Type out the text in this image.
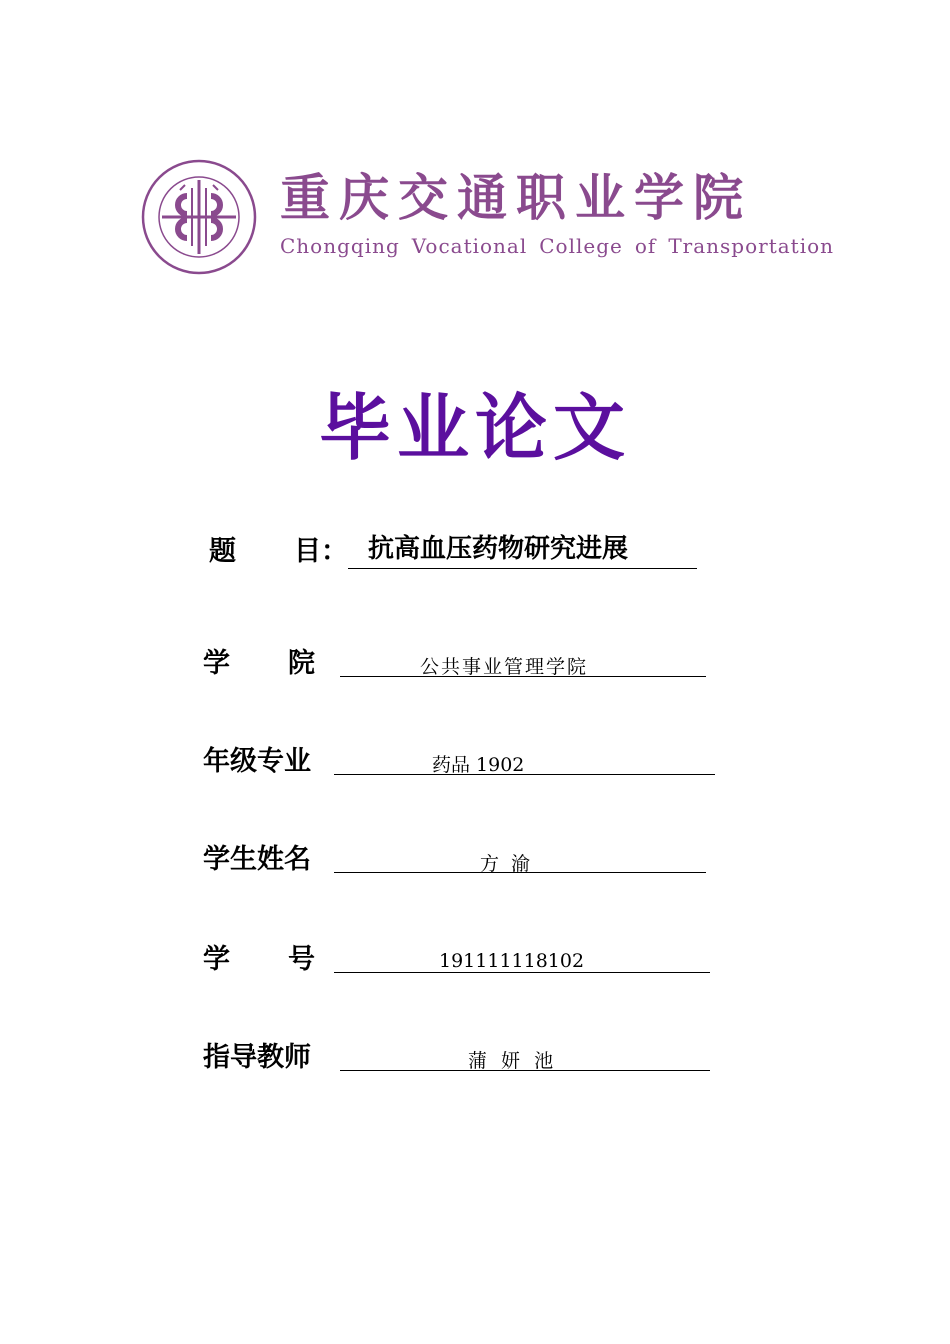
重庆交通职业学院
Chongqing Vocational College of Transportation
毕业论文
题 目： 抗高血压药物研究进展
学 院	公共事业管理学院
年级专业	药品 1902
学生姓名	方  渝
学 号	191111118102
指导教师	蒲 妍 池
